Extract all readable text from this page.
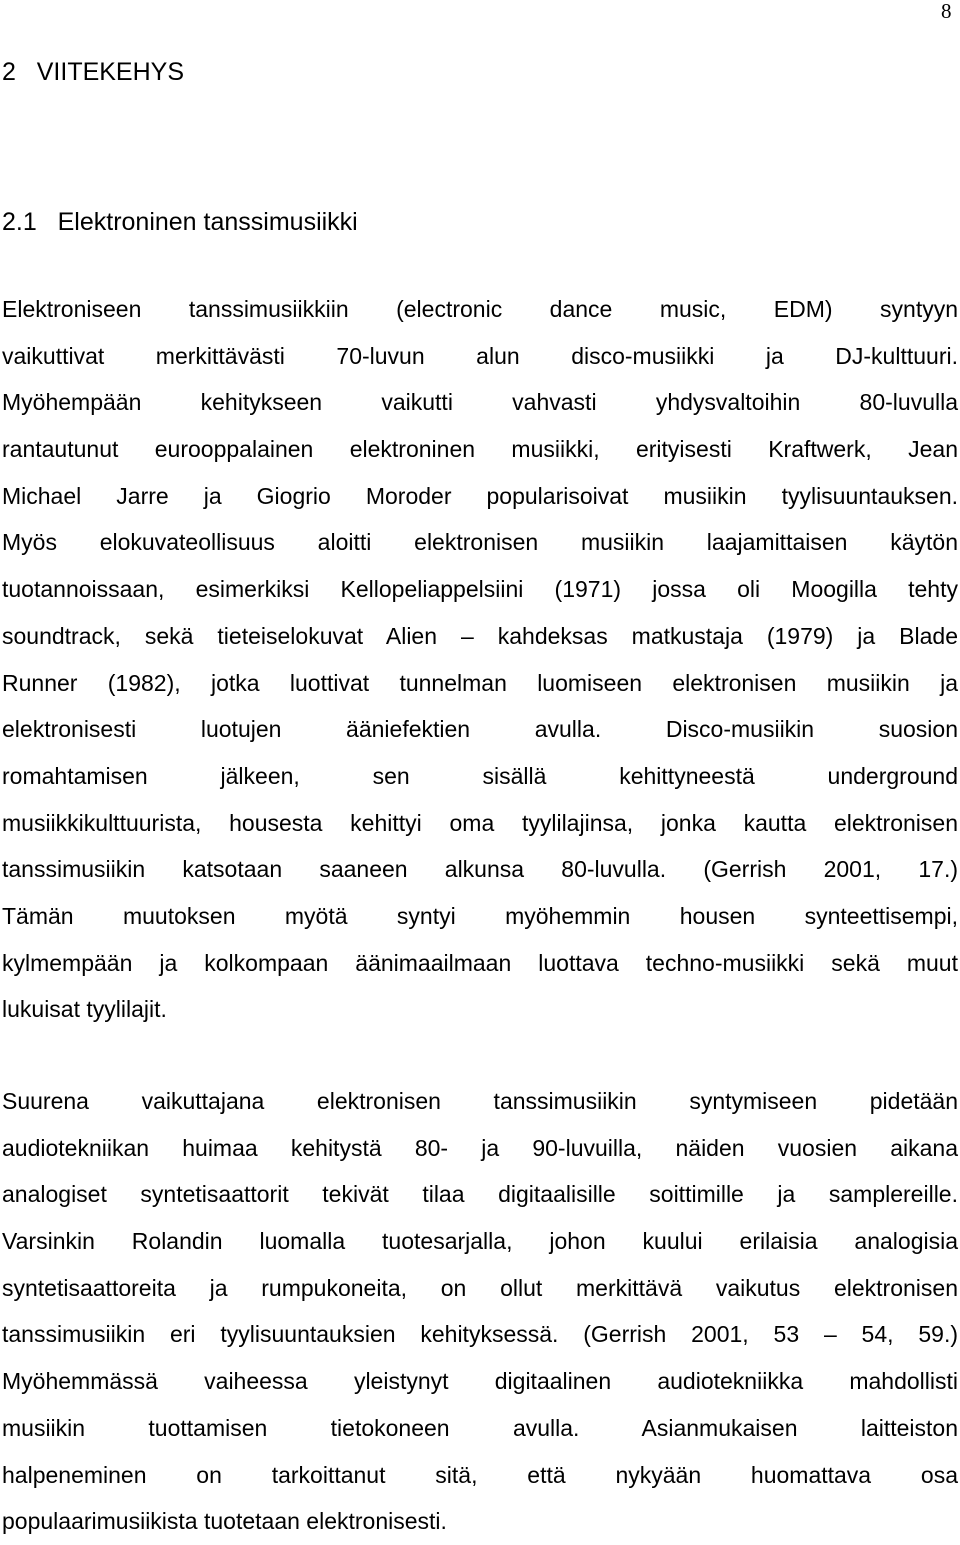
8
2 VIITEKEHYS
2.1 Elektroninen tanssimusiikki
Elektroniseen tanssimusiikkiin (electronic dance music, EDM) syntyyn
vaikuttivat merkittävästi 70-luvun alun disco-musiikki ja DJ-kulttuuri.
Myöhempään kehitykseen vaikutti vahvasti yhdysvaltoihin 80-luvulla
rantautunut eurooppalainen elektroninen musiikki, erityisesti Kraftwerk, Jean
Michael Jarre ja Giogrio Moroder popularisoivat musiikin tyylisuuntauksen.
Myös elokuvateollisuus aloitti elektronisen musiikin laajamittaisen käytön
tuotannoissaan, esimerkiksi Kellopeliappelsiini (1971) jossa oli Moogilla tehty
soundtrack, sekä tieteiselokuvat Alien – kahdeksas matkustaja (1979) ja Blade
Runner (1982), jotka luottivat tunnelman luomiseen elektronisen musiikin ja
elektronisesti luotujen ääniefektien avulla. Disco-musiikin suosion
romahtamisen jälkeen, sen sisällä kehittyneestä underground
musiikkikulttuurista, housesta kehittyi oma tyylilajinsa, jonka kautta elektronisen
tanssimusiikin katsotaan saaneen alkunsa 80-luvulla. (Gerrish 2001, 17.)
Tämän muutoksen myötä syntyi myöhemmin housen synteettisempi,
kylmempään ja kolkompaan äänimaailmaan luottava techno-musiikki sekä muut
lukuisat tyylilajit.
Suurena vaikuttajana elektronisen tanssimusiikin syntymiseen pidetään
audiotekniikan huimaa kehitystä 80- ja 90-luvuilla, näiden vuosien aikana
analogiset syntetisaattorit tekivät tilaa digitaalisille soittimille ja samplereille.
Varsinkin Rolandin luomalla tuotesarjalla, johon kuului erilaisia analogisia
syntetisaattoreita ja rumpukoneita, on ollut merkittävä vaikutus elektronisen
tanssimusiikin eri tyylisuuntauksien kehityksessä. (Gerrish 2001, 53 – 54, 59.)
Myöhemmässä vaiheessa yleistynyt digitaalinen audiotekniikka mahdollisti
musiikin tuottamisen tietokoneen avulla. Asianmukaisen laitteiston
halpeneminen on tarkoittanut sitä, että nykyään huomattava osa
populaarimusiikista tuotetaan elektronisesti.
